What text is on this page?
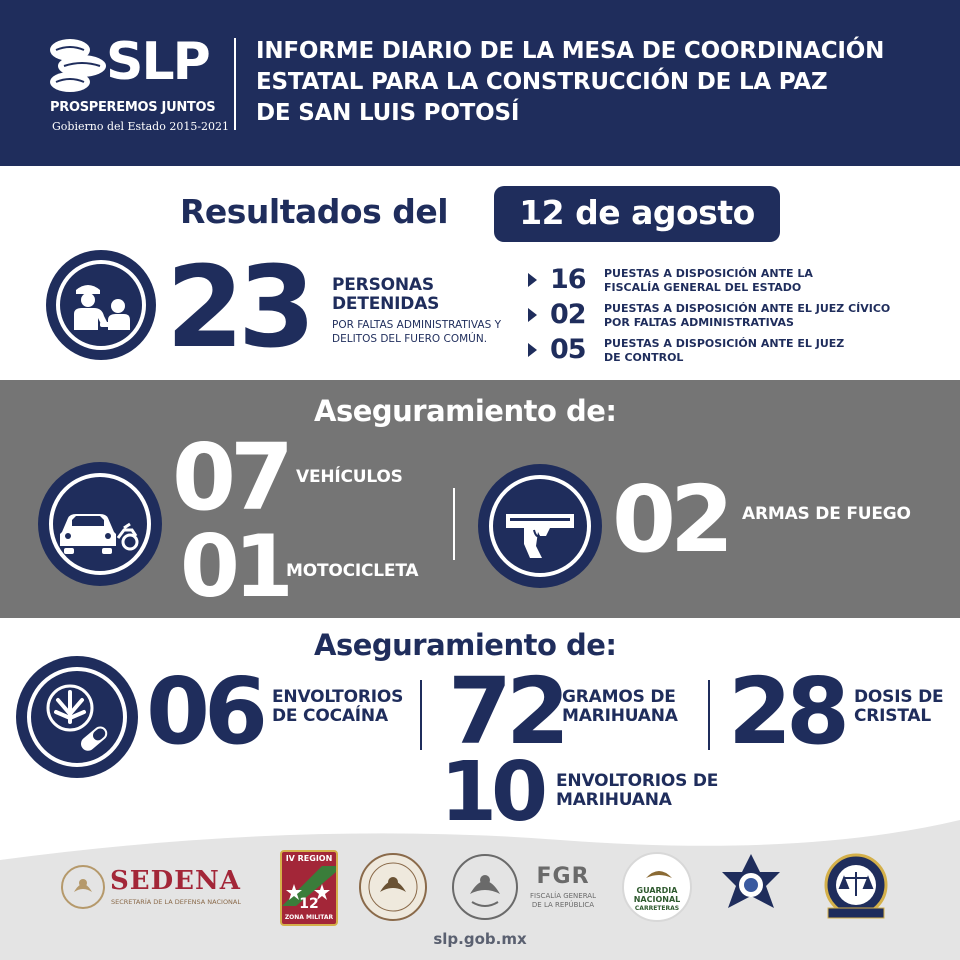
SLP
PROSPEREMOS JUNTOS
Gobierno del Estado 2015-2021
INFORME DIARIO DE LA MESA DE COORDINACIÓN
ESTATAL PARA LA CONSTRUCCIÓN DE LA PAZ
DE SAN LUIS POTOSÍ
Resultados del	12 de agosto
23 PERSONAS
DETENIDAS
POR FALTAS ADMINISTRATIVAS Y
DELITOS DEL FUERO COMÚN.
16 PUESTAS A DISPOSICIÓN ANTE LA
FISCALÍA GENERAL DEL ESTADO
02 PUESTAS A DISPOSICIÓN ANTE EL JUEZ CÍVICO
POR FALTAS ADMINISTRATIVAS
05 PUESTAS A DISPOSICIÓN ANTE EL JUEZ
DE CONTROL
Aseguramiento de:
07 VEHÍCULOS
01
MOTOCICLETA 02 ARMAS DE FUEGO
Aseguramiento de:
06 ENVOLTORIOS
DE COCAÍNA 72
GRAMOS DE
MARIHUANA 28 DOSIS DE
CRISTAL
10 ENVOLTORIOS DE
MARIHUANA
SEDENA
SECRETARÍA DE LA DEFENSA NACIONAL
IV REGION
12
ZONA MILITAR
FGR
FISCALÍA GENERAL
DE LA REPÚBLICA
GUARDIA
NACIONAL
CARRETERAS
slp.gob.mx
